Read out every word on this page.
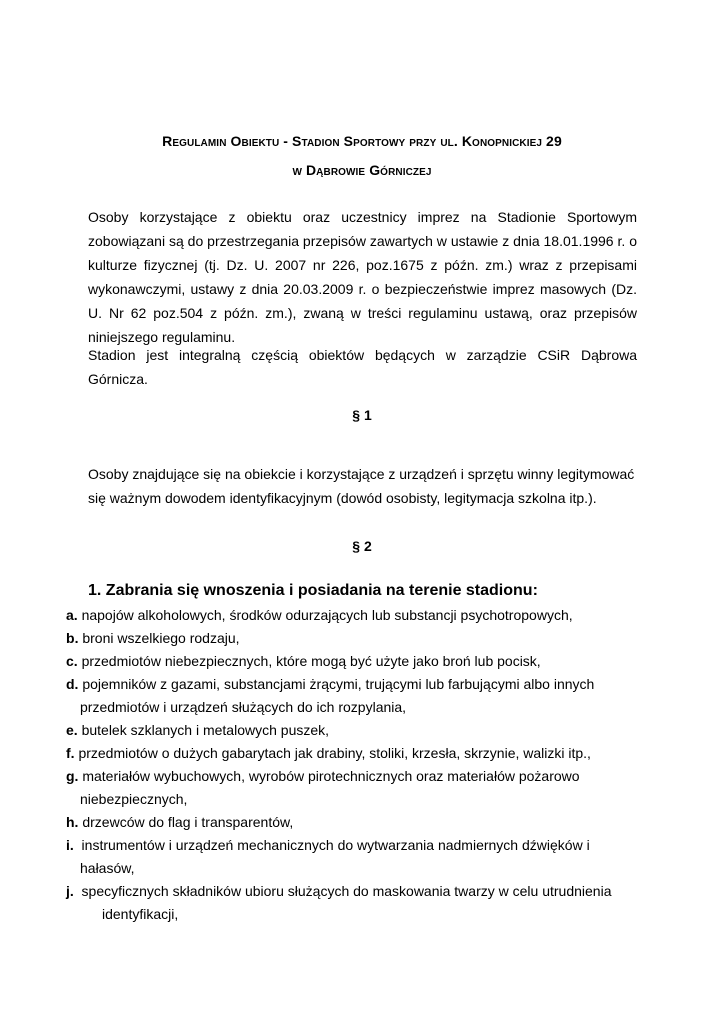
Regulamin Obiektu - Stadion Sportowy przy ul. Konopnickiej 29
w Dąbrowie Górniczej
Osoby korzystające z obiektu oraz uczestnicy imprez na Stadionie Sportowym zobowiązani są do przestrzegania przepisów zawartych w ustawie z dnia 18.01.1996 r. o kulturze fizycznej (tj. Dz. U. 2007 nr 226, poz.1675 z późn. zm.) wraz z przepisami wykonawczymi, ustawy z dnia 20.03.2009 r. o bezpieczeństwie imprez masowych (Dz. U. Nr 62 poz.504 z późn. zm.), zwaną w treści regulaminu ustawą, oraz przepisów niniejszego regulaminu.
Stadion jest integralną częścią obiektów będących w zarządzie CSiR Dąbrowa Górnicza.
§ 1
Osoby znajdujące się na obiekcie i korzystające z urządzeń i sprzętu winny legitymować się ważnym dowodem identyfikacyjnym (dowód osobisty, legitymacja szkolna itp.).
§ 2
1. Zabrania się wnoszenia i posiadania na terenie stadionu:
a. napojów alkoholowych, środków odurzających lub substancji psychotropowych,
b. broni wszelkiego rodzaju,
c. przedmiotów niebezpiecznych, które mogą być użyte jako broń lub pocisk,
d. pojemników z gazami, substancjami żrącymi, trującymi lub farbującymi albo innych
przedmiotów i urządzeń służących do ich rozpylania,
e. butelek szklanych i metalowych puszek,
f. przedmiotów o dużych gabarytach jak drabiny, stoliki, krzesła, skrzynie, walizki itp.,
g. materiałów wybuchowych, wyrobów pirotechnicznych oraz materiałów pożarowo
niebezpiecznych,
h. drzewców do flag i transparentów,
i.  instrumentów i urządzeń mechanicznych do wytwarzania nadmiernych dźwięków i
hałasów,
j.  specyficznych składników ubioru służących do maskowania twarzy w celu utrudnienia
identyfikacji,
